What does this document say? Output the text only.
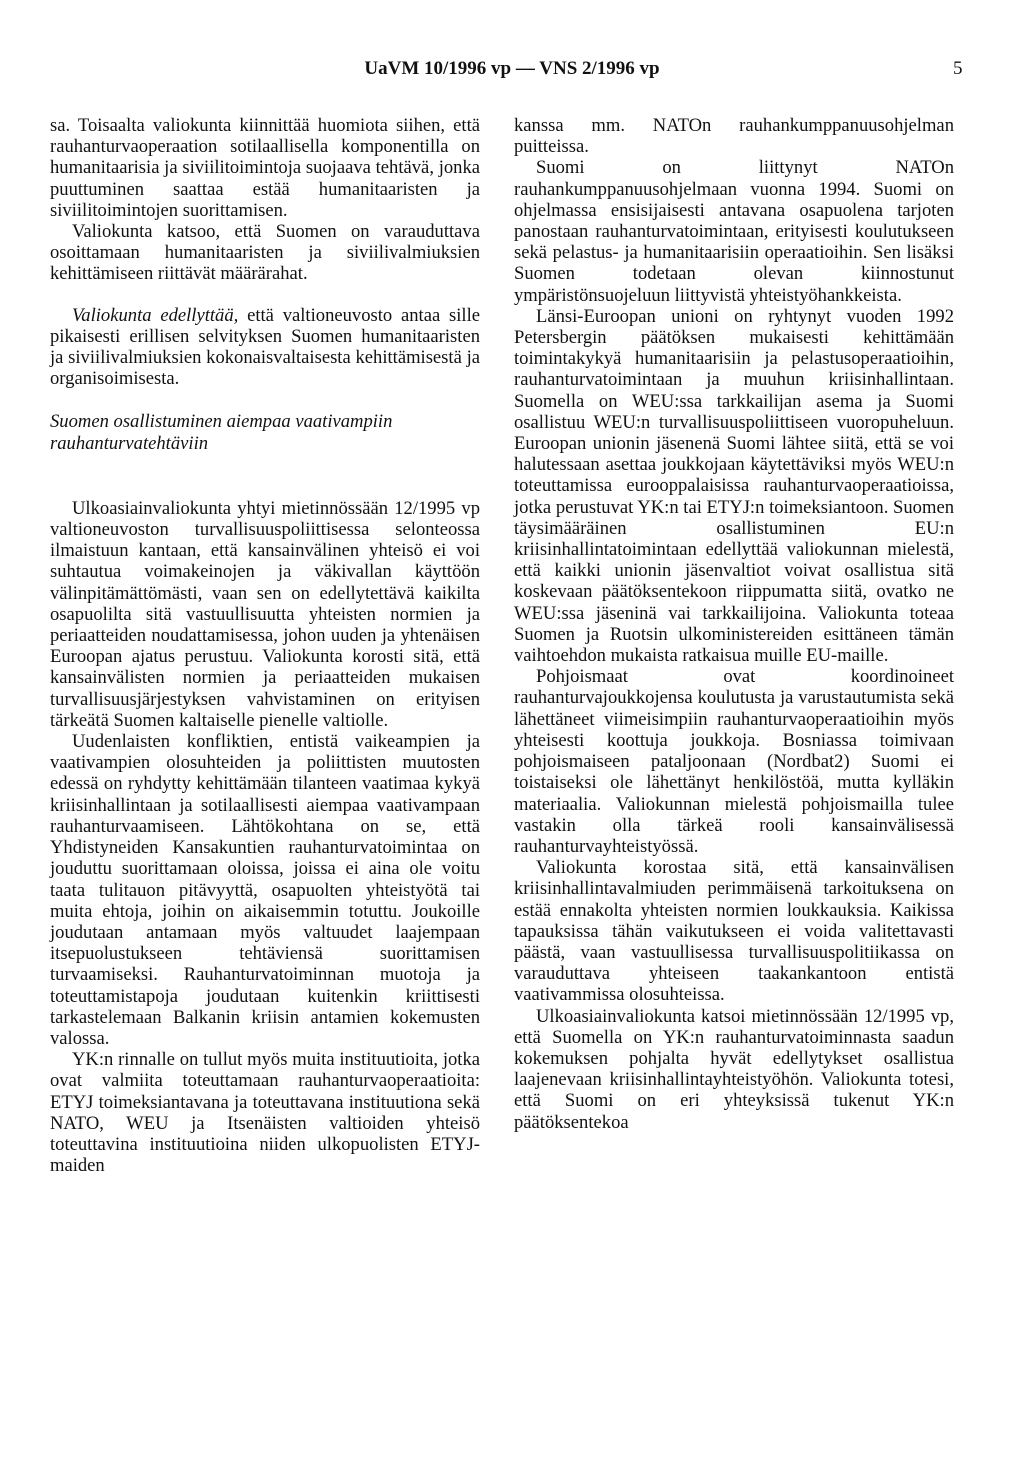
UaVM 10/1996 vp — VNS 2/1996 vp	5

sa. Toisaalta valiokunta kiinnittää huomiota siihen, että rauhanturvaoperaation sotilaallisella komponentilla on humanitaarisia ja siviilitoimintoja suojaava tehtävä, jonka puuttuminen saattaa estää humanitaaristen ja siviilitoimintojen suorittamisen.

Valiokunta katsoo, että Suomen on varauduttava osoittamaan humanitaaristen ja siviilivalmiuksien kehittämiseen riittävät määrärahat.

Valiokunta edellyttää, että valtioneuvosto antaa sille pikaisesti erillisen selvityksen Suomen humanitaaristen ja siviilivalmiuksien kokonaisvaltaisesta kehittämisestä ja organisoimisesta.

Suomen osallistuminen aiempaa vaativampiin rauhanturvatehtäviin

Ulkoasiainvaliokunta yhtyi mietinnössään 12/1995 vp valtioneuvoston turvallisuuspoliittisessa selonteossa ilmaistuun kantaan, että kansainvälinen yhteisö ei voi suhtautua voimakeinojen ja väkivallan käyttöön välinpitämättömästi, vaan sen on edellytettävä kaikilta osapuolilta sitä vastuullisuutta yhteisten normien ja periaatteiden noudattamisessa, johon uuden ja yhtenäisen Euroopan ajatus perustuu. Valiokunta korosti sitä, että kansainvälisten normien ja periaatteiden mukaisen turvallisuusjärjestyksen vahvistaminen on erityisen tärkeätä Suomen kaltaiselle pienelle valtiolle.

Uudenlaisten konfliktien, entistä vaikeampien ja vaativampien olosuhteiden ja poliittisten muutosten edessä on ryhdytty kehittämään tilanteen vaatimaa kykyä kriisinhallintaan ja sotilaallisesti aiempaa vaativampaan rauhanturvaamiseen. Lähtökohtana on se, että Yhdistyneiden Kansakuntien rauhanturvatoimintaa on jouduttu suorittamaan oloissa, joissa ei aina ole voitu taata tulitauon pitävyyttä, osapuolten yhteistyötä tai muita ehtoja, joihin on aikaisemmin totuttu. Joukoille joudutaan antamaan myös valtuudet laajempaan itsepuolustukseen tehtäviensä suorittamisen turvaamiseksi. Rauhanturvatoiminnan muotoja ja toteuttamistapoja joudutaan kuitenkin kriittisesti tarkastelemaan Balkanin kriisin antamien kokemusten valossa.

YK:n rinnalle on tullut myös muita instituutioita, jotka ovat valmiita toteuttamaan rauhanturvaoperaatioita: ETYJ toimeksiantavana ja toteuttavana instituutiona sekä NATO, WEU ja Itsenäisten valtioiden yhteisö toteuttavina instituutioina niiden ulkopuolisten ETYJ-maiden

kanssa mm. NATOn rauhankumppanuusohjelman puitteissa.

Suomi on liittynyt NATOn rauhankumppanuusohjelmaan vuonna 1994. Suomi on ohjelmassa ensisijaisesti antavana osapuolena tarjoten panostaan rauhanturvatoimintaan, erityisesti koulutukseen sekä pelastus- ja humanitaarisiin operaatioihin. Sen lisäksi Suomen todetaan olevan kiinnostunut ympäristönsuojeluun liittyvistä yhteistyöhankkeista.

Länsi-Euroopan unioni on ryhtynyt vuoden 1992 Petersbergin päätöksen mukaisesti kehittämään toimintakykyä humanitaarisiin ja pelastusoperaatioihin, rauhanturvatoimintaan ja muuhun kriisinhallintaan. Suomella on WEU:ssa tarkkailijan asema ja Suomi osallistuu WEU:n turvallisuuspoliittiseen vuoropuheluun. Euroopan unionin jäsenenä Suomi lähtee siitä, että se voi halutessaan asettaa joukkojaan käytettäviksi myös WEU:n toteuttamissa eurooppalaisissa rauhanturvaoperaatioissa, jotka perustuvat YK:n tai ETYJ:n toimeksiantoon. Suomen täysimääräinen osallistuminen EU:n kriisinhallintatoimintaan edellyttää valiokunnan mielestä, että kaikki unionin jäsenvaltiot voivat osallistua sitä koskevaan päätöksentekoon riippumatta siitä, ovatko ne WEU:ssa jäseninä vai tarkkailijoina. Valiokunta toteaa Suomen ja Ruotsin ulkoministereiden esittäneen tämän vaihtoehdon mukaista ratkaisua muille EU-maille.

Pohjoismaat ovat koordinoineet rauhanturvajoukkojensa koulutusta ja varustautumista sekä lähettäneet viimeisimpiin rauhanturvaoperaatioihin myös yhteisesti koottuja joukkoja. Bosniassa toimivaan pohjoismaiseen pataljoonaan (Nordbat2) Suomi ei toistaiseksi ole lähettänyt henkilöstöä, mutta kylläkin materiaalia. Valiokunnan mielestä pohjoismailla tulee vastakin olla tärkeä rooli kansainvälisessä rauhanturvayhteistyössä.

Valiokunta korostaa sitä, että kansainvälisen kriisinhallintavalmiuden perimmäisenä tarkoituksena on estää ennakolta yhteisten normien loukkauksia. Kaikissa tapauksissa tähän vaikutukseen ei voida valitettavasti päästä, vaan vastuullisessa turvallisuuspolitiikassa on varauduttava yhteiseen taakankantoon entistä vaativammissa olosuhteissa.

Ulkoasiainvaliokunta katsoi mietinnössään 12/1995 vp, että Suomella on YK:n rauhanturvatoiminnasta saadun kokemuksen pohjalta hyvät edellytykset osallistua laajenevaan kriisinhallintayhteistyöhön. Valiokunta totesi, että Suomi on eri yhteyksissä tukenut YK:n päätöksentekoa
